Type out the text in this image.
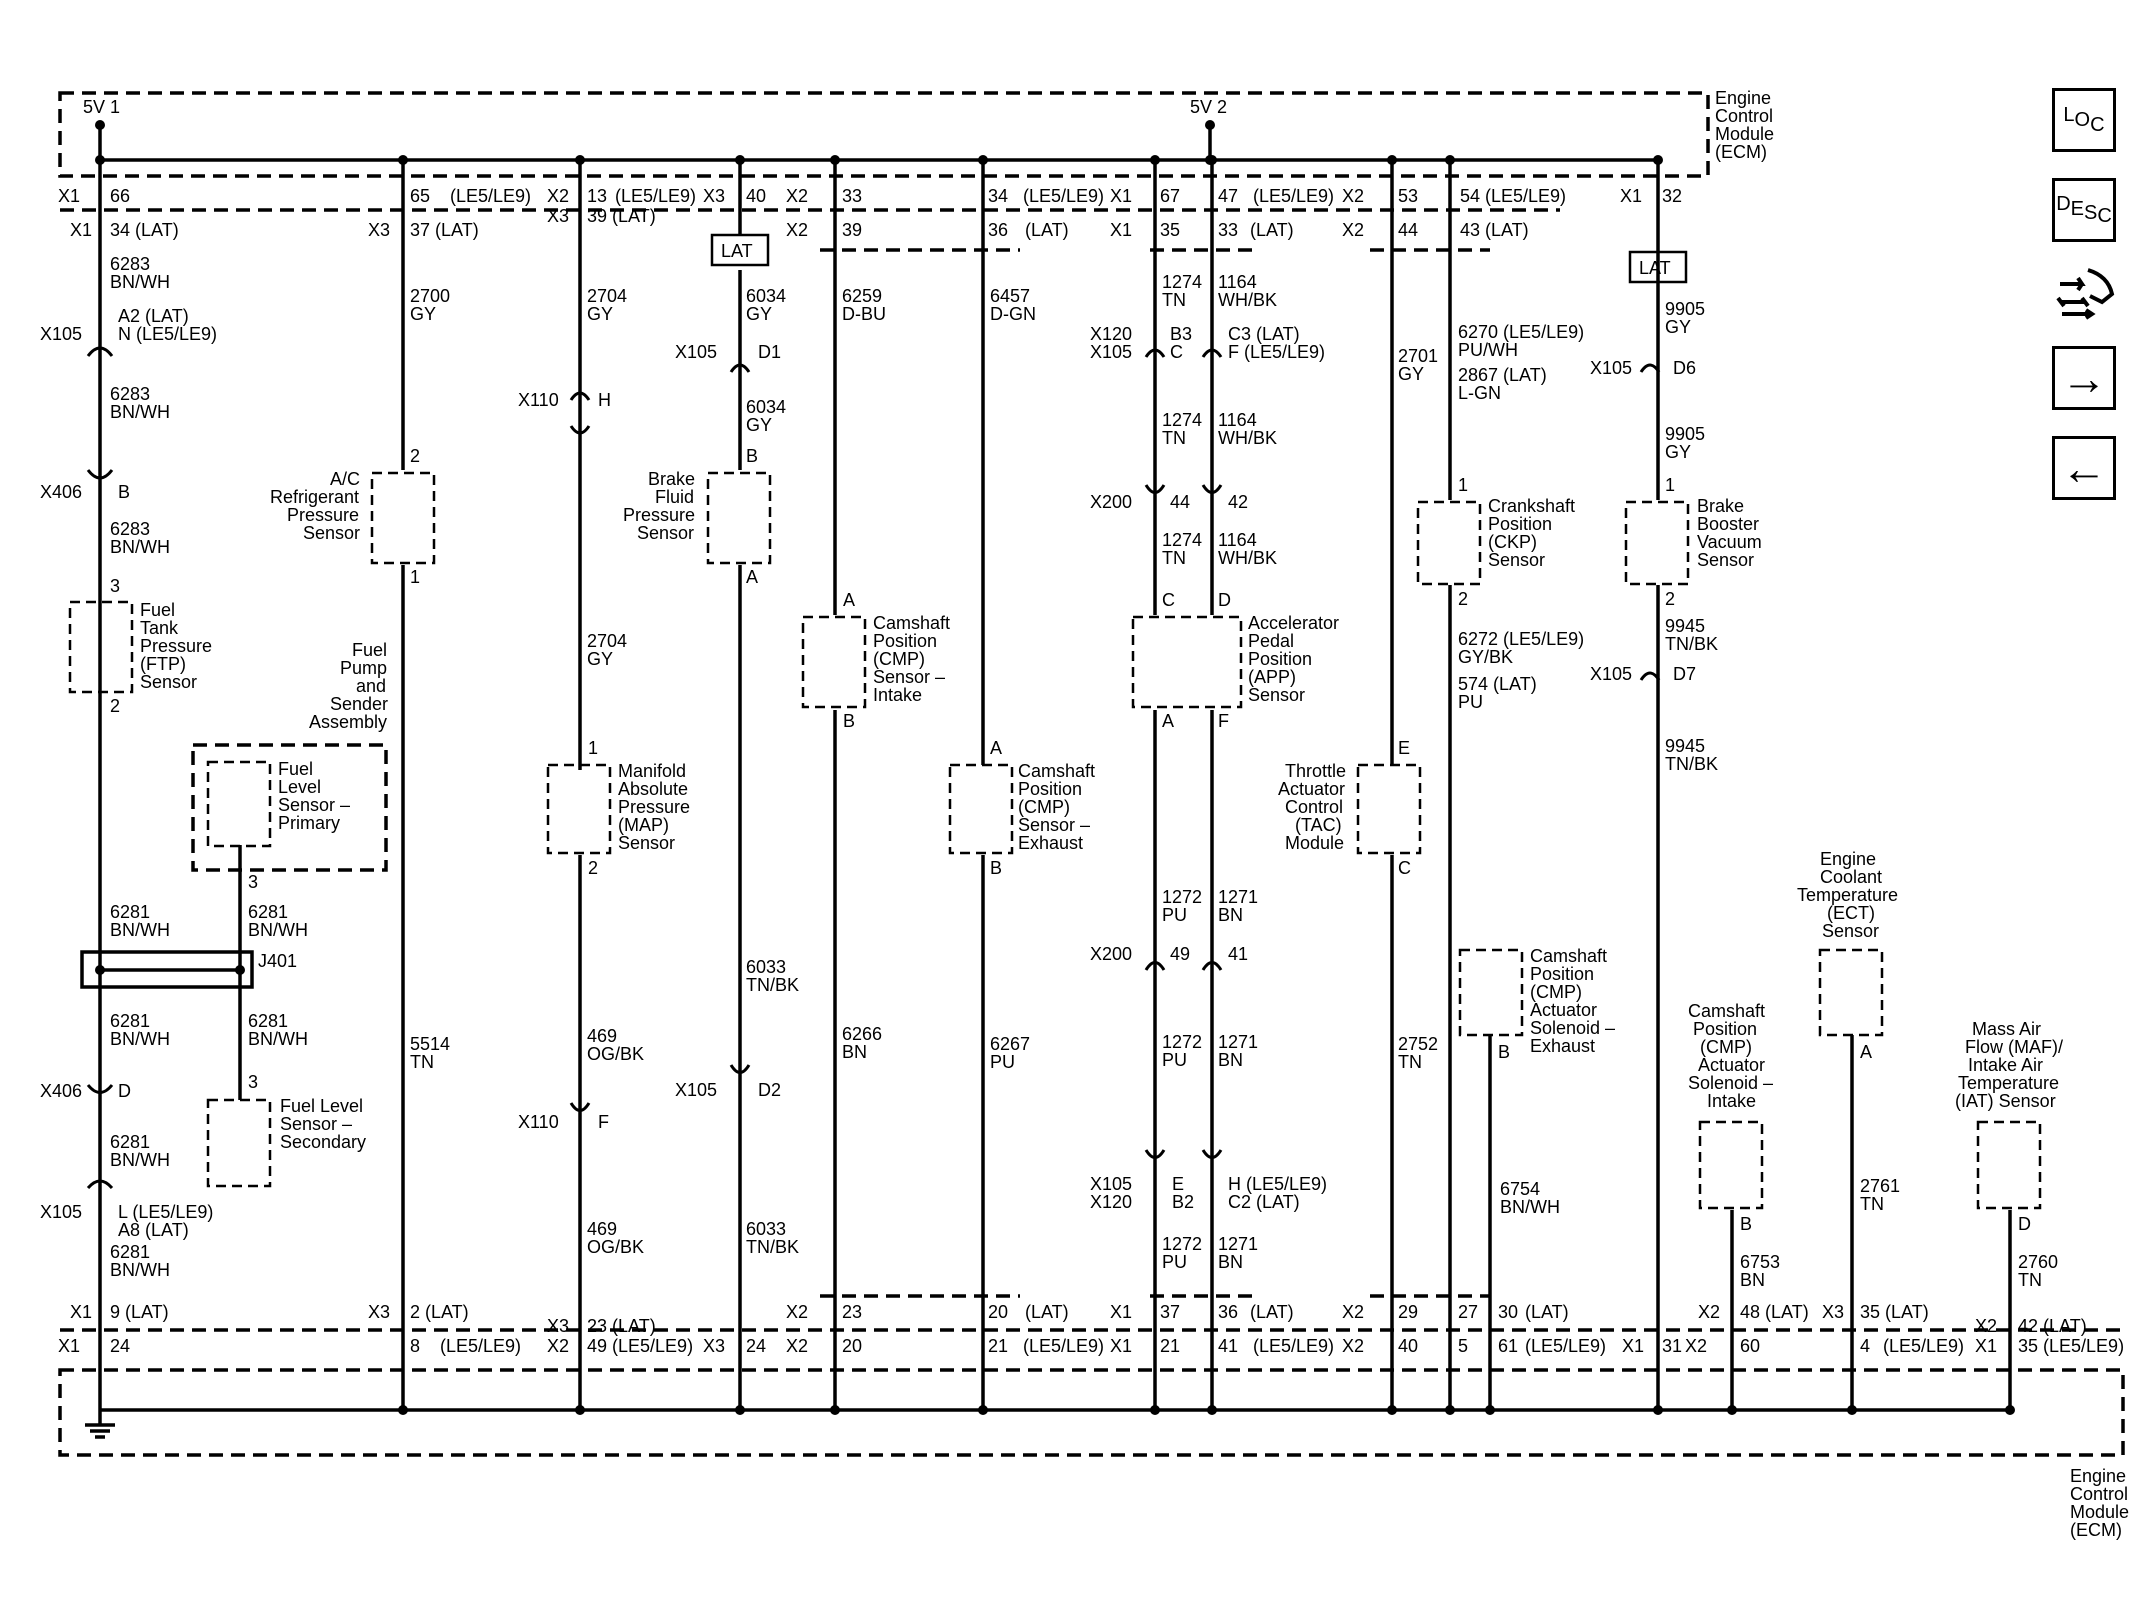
Engine
Control
Module
(ECM)
Engine
Control
Module
(ECM)
5V 1	5V 2
X1 66	65 (LE5/LE9) X2 13 (LE5/LE9) X3 40 X2 33	34 (LE5/LE9) X1 67 47 (LE5/LE9) X2 53 54 (LE5/LE9)	X1 32
X1 34 (LAT)	X3 37 (LAT)
X3 39 (LAT)
X2 39	36 (LAT) X1 35 33 (LAT)	X2 44 43 (LAT)
LAT
LAT
J401
A/C
Refrigerant
Pressure
Sensor
2
1
Fuel
Tank
Pressure
(FTP)
Sensor
3
2
Brake
Fluid
Pressure
Sensor
B
A
Camshaft
Position
(CMP)
Sensor –
Intake
A
B
Accelerator
Pedal
Position
(APP)
Sensor
C D
A F
Crankshaft
Position
(CKP)
Sensor
1
2
Brake
Booster
Vacuum
Sensor
1
2
Fuel
Pump
and
Sender
Assembly
Fuel
Level
Sensor –
Primary
3
Manifold
Absolute
Pressure
(MAP)
Sensor
1
2
Camshaft
Position
(CMP)
Sensor –
Exhaust
A
B
Throttle
Actuator
Control
(TAC)
Module
E
C
Camshaft
Position
(CMP)
Actuator
Solenoid –
Exhaust
B
Engine
Coolant
Temperature
(ECT)
Sensor
A
Camshaft
Position
(CMP)
Actuator
Solenoid –
Intake
B
Mass Air
Flow (MAF)/
Intake Air
Temperature
(IAT) Sensor
D
Fuel Level
Sensor –
Secondary
3
X105
A2 (LAT)
N (LE5/LE9)
X406 B
X110 H
X105 D1
X120
X105
B3
C
C3 (LAT)
F (LE5/LE9)
X105 D6
X200 44 42
X105 D7
X200 49 41
X406 D
X110 F
X105 D2
X105
X120
E
B2
H (LE5/LE9)
C2 (LAT)
X105 L (LE5/LE9)
A8 (LAT)
6283
BN/WH
6283
BN/WH
6283
BN/WH
2700
GY
2704
GY
2704
GY
6034
GY
6034
GY
6259
D-BU
6457
D-GN
1274
TN
1164
WH/BK
1274
TN
1164
WH/BK
1274
TN
1164
WH/BK
2701
GY
6270 (LE5/LE9)
PU/WH
2867 (LAT)
L-GN
9905
GY
9905
GY
6272 (LE5/LE9)
GY/BK
574 (LAT)
PU
9945
TN/BK
9945
TN/BK
6281
BN/WH
6281
BN/WH
6281
BN/WH
6281
BN/WH
6281
BN/WH
6281
BN/WH
5514
TN
469
OG/BK
469
OG/BK
6033
TN/BK
6033
TN/BK
6266
BN	6267
PU
1272
PU
1271
BN
1272
PU
1271
BN
1272
PU
1271
BN
2752
TN
6754
BN/WH
6753
BN
2761
TN
2760
TN
X1 9 (LAT)	X3 2 (LAT)
X3 23 (LAT)
X2 23	20 (LAT) X1 37 36 (LAT)	X2 29 27 30 (LAT)	X2 48 (LAT) X3 35 (LAT)
X2 42 (LAT)
X1 24	8 (LE5/LE9) X2 49 (LE5/LE9) X3 24 X2 20	21 (LE5/LE9) X1 21 41 (LE5/LE9) X2 40 5 61 (LE5/LE9) X1 31 X2 60	4 (LE5/LE9) X1 35 (LE5/LE9)
$L_{O_C}$
$D_{E_{S_C}}$
→
←
